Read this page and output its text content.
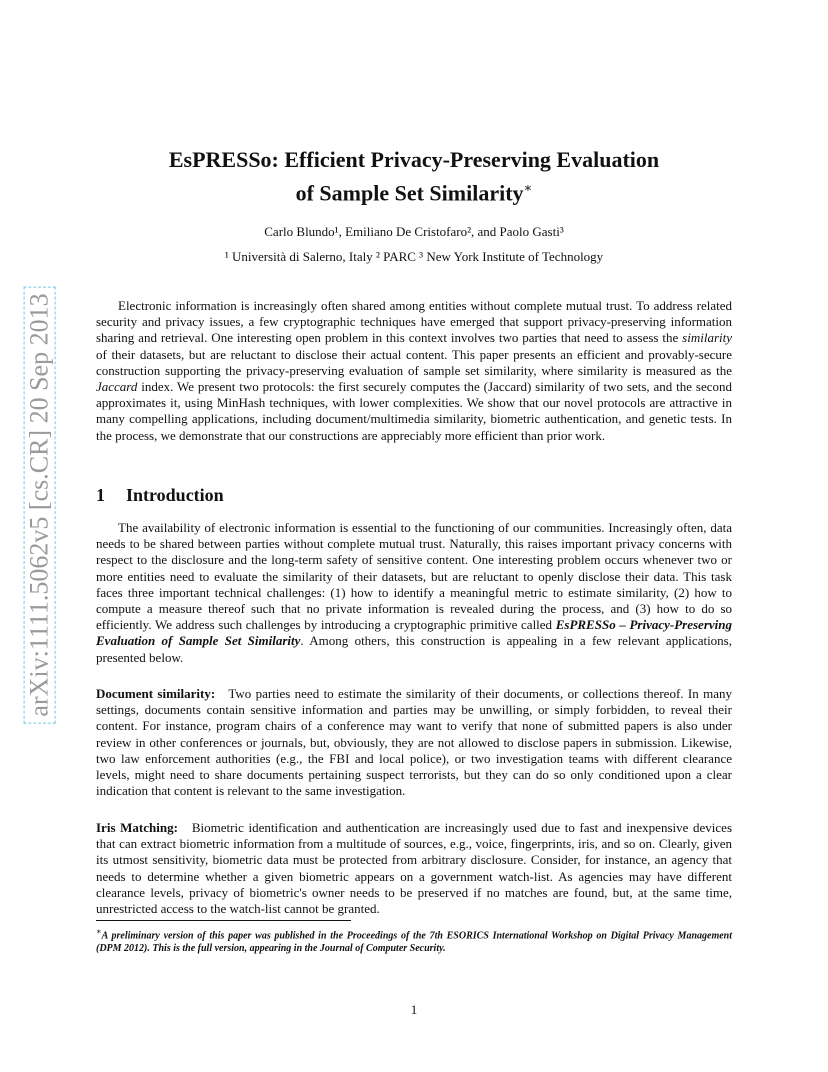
arXiv:1111.5062v5 [cs.CR] 20 Sep 2013
EsPRESSo: Efficient Privacy-Preserving Evaluation
of Sample Set Similarity∗
Carlo Blundo¹, Emiliano De Cristofaro², and Paolo Gasti³
¹ Università di Salerno, Italy ² PARC ³ New York Institute of Technology
Electronic information is increasingly often shared among entities without complete mutual trust. To address related security and privacy issues, a few cryptographic techniques have emerged that support privacy-preserving information sharing and retrieval. One interesting open problem in this context involves two parties that need to assess the similarity of their datasets, but are reluctant to disclose their actual content. This paper presents an efficient and provably-secure construction supporting the privacy-preserving evaluation of sample set similarity, where similarity is measured as the Jaccard index. We present two protocols: the first securely computes the (Jaccard) similarity of two sets, and the second approximates it, using MinHash techniques, with lower complexities. We show that our novel protocols are attractive in many compelling applications, including document/multimedia similarity, biometric authentication, and genetic tests. In the process, we demonstrate that our constructions are appreciably more efficient than prior work.
1 Introduction
The availability of electronic information is essential to the functioning of our communities. Increasingly often, data needs to be shared between parties without complete mutual trust. Naturally, this raises important privacy concerns with respect to the disclosure and the long-term safety of sensitive content. One interesting problem occurs whenever two or more entities need to evaluate the similarity of their datasets, but are reluctant to openly disclose their data. This task faces three important technical challenges: (1) how to identify a meaningful metric to estimate similarity, (2) how to compute a measure thereof such that no private information is revealed during the process, and (3) how to do so efficiently. We address such challenges by introducing a cryptographic primitive called EsPRESSo – Privacy-Preserving Evaluation of Sample Set Similarity. Among others, this construction is appealing in a few relevant applications, presented below.
Document similarity: Two parties need to estimate the similarity of their documents, or collections thereof. In many settings, documents contain sensitive information and parties may be unwilling, or simply forbidden, to reveal their content. For instance, program chairs of a conference may want to verify that none of submitted papers is also under review in other conferences or journals, but, obviously, they are not allowed to disclose papers in submission. Likewise, two law enforcement authorities (e.g., the FBI and local police), or two investigation teams with different clearance levels, might need to share documents pertaining suspect terrorists, but they can do so only conditioned upon a clear indication that content is relevant to the same investigation.
Iris Matching: Biometric identification and authentication are increasingly used due to fast and inexpensive devices that can extract biometric information from a multitude of sources, e.g., voice, fingerprints, iris, and so on. Clearly, given its utmost sensitivity, biometric data must be protected from arbitrary disclosure. Consider, for instance, an agency that needs to determine whether a given biometric appears on a government watch-list. As agencies may have different clearance levels, privacy of biometric's owner needs to be preserved if no matches are found, but, at the same time, unrestricted access to the watch-list cannot be granted.
∗A preliminary version of this paper was published in the Proceedings of the 7th ESORICS International Workshop on Digital Privacy Management (DPM 2012). This is the full version, appearing in the Journal of Computer Security.
1
